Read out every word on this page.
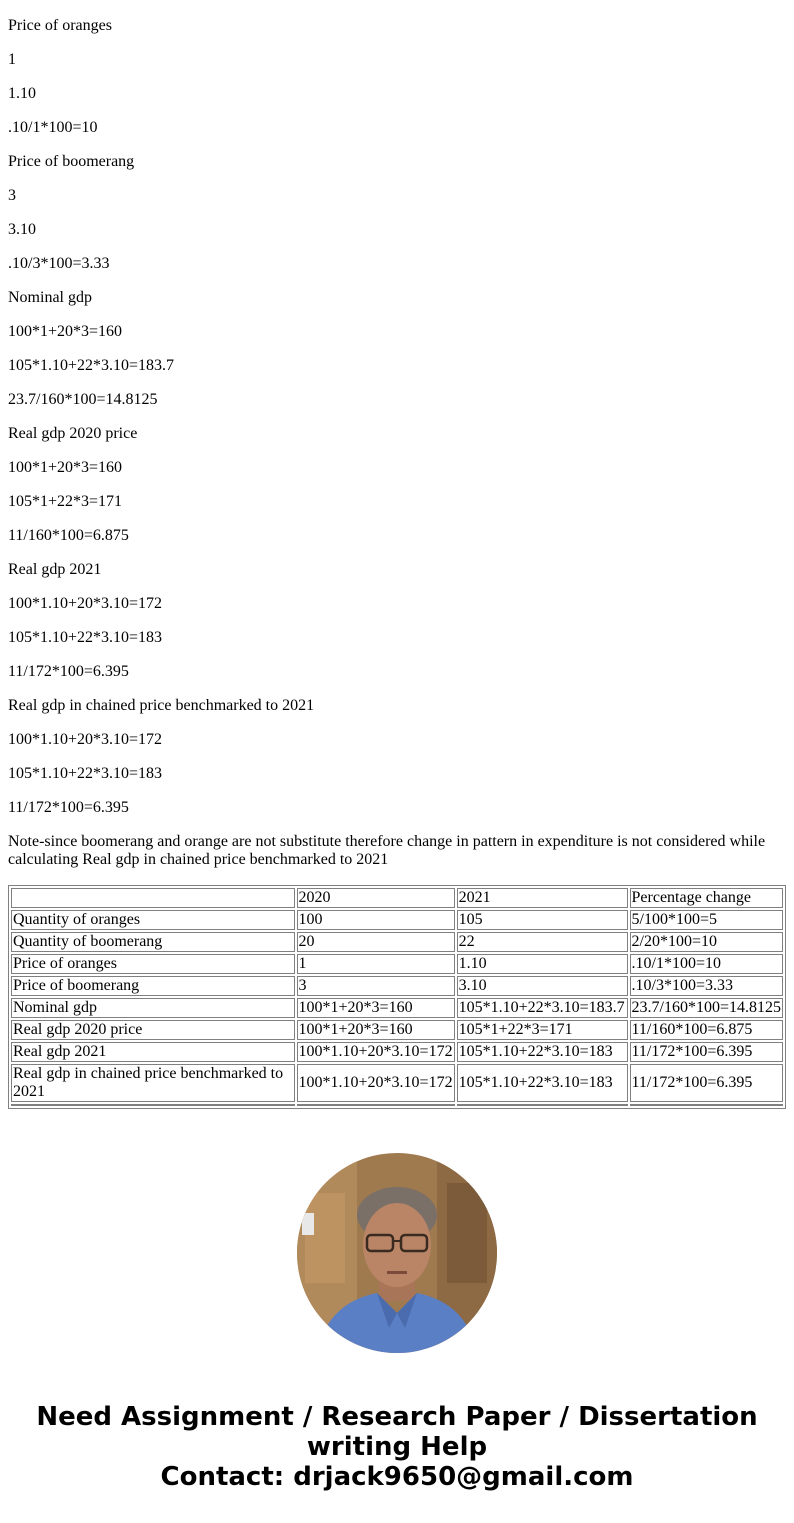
Price of oranges

1

1.10

.10/1*100=10

Price of boomerang

3

3.10

.10/3*100=3.33

Nominal gdp

100*1+20*3=160

105*1.10+22*3.10=183.7

23.7/160*100=14.8125

Real gdp 2020 price

100*1+20*3=160

105*1+22*3=171

11/160*100=6.875

Real gdp 2021

100*1.10+20*3.10=172

105*1.10+22*3.10=183

11/172*100=6.395

Real gdp in chained price benchmarked to 2021

100*1.10+20*3.10=172

105*1.10+22*3.10=183

11/172*100=6.395

Note-since boomerang and orange are not substitute therefore change in pattern in expenditure is not considered while calculating Real gdp in chained price benchmarked to 2021

	2020	2021	Percentage change
Quantity of oranges	100	105	5/100*100=5
Quantity of boomerang	20	22	2/20*100=10
Price of oranges	1	1.10	.10/1*100=10
Price of boomerang	3	3.10	.10/3*100=3.33
Nominal gdp	100*1+20*3=160	105*1.10+22*3.10=183.7	23.7/160*100=14.8125
Real gdp 2020 price	100*1+20*3=160	105*1+22*3=171	11/160*100=6.875
Real gdp 2021	100*1.10+20*3.10=172	105*1.10+22*3.10=183	11/172*100=6.395
Real gdp in chained price benchmarked to 2021	100*1.10+20*3.10=172	105*1.10+22*3.10=183	11/172*100=6.395

Need Assignment / Research Paper / Dissertation
writing Help
Contact: drjack9650@gmail.com
